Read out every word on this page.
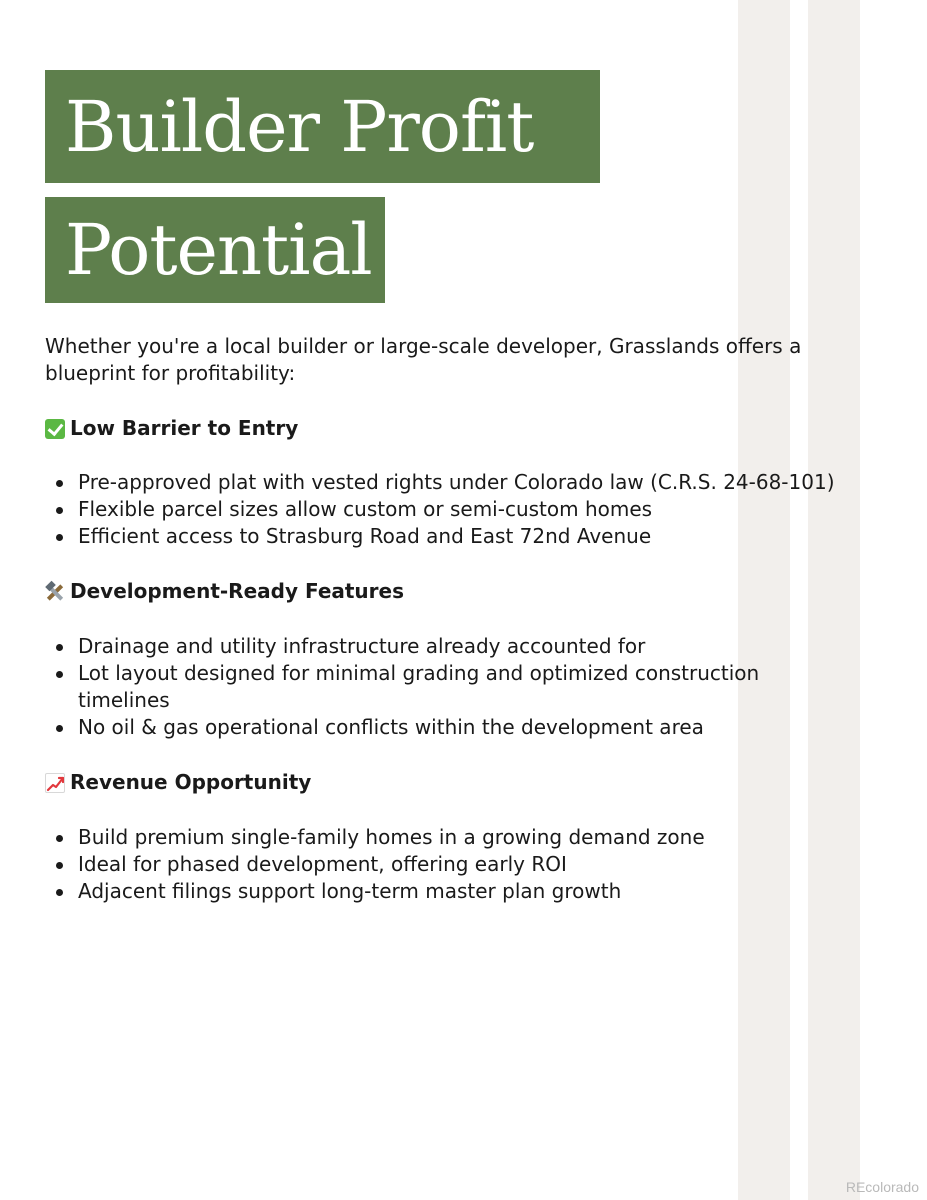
Builder Profit
Potential
Whether you're a local builder or large-scale developer, Grasslands offers a blueprint for profitability:
Low Barrier to Entry
Pre-approved plat with vested rights under Colorado law (C.R.S. 24-68-101)
Flexible parcel sizes allow custom or semi-custom homes
Efficient access to Strasburg Road and East 72nd Avenue
Development-Ready Features
Drainage and utility infrastructure already accounted for
Lot layout designed for minimal grading and optimized construction timelines
No oil & gas operational conflicts within the development area
Revenue Opportunity
Build premium single-family homes in a growing demand zone
Ideal for phased development, offering early ROI
Adjacent filings support long-term master plan growth
REcolorado
